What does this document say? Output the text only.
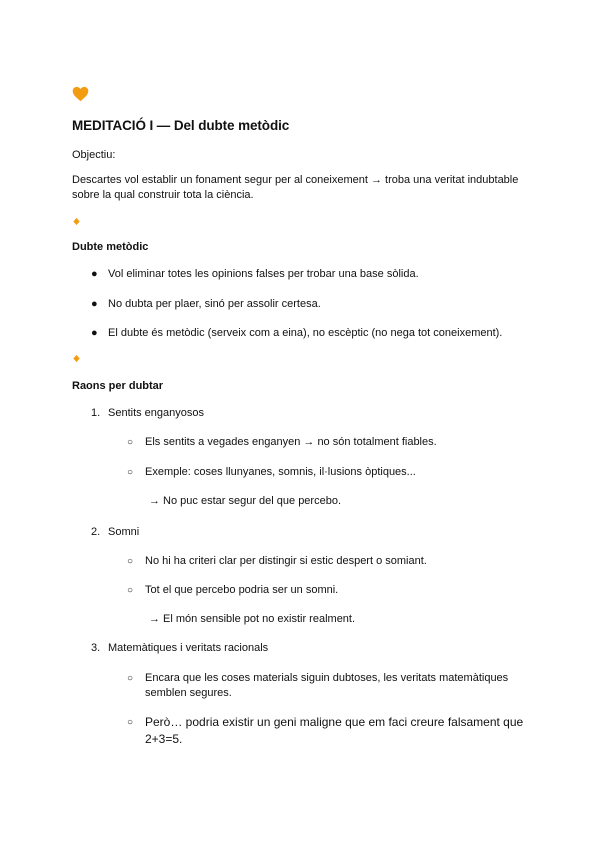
MEDITACIÓ I — Del dubte metòdic
Objectiu:
Descartes vol establir un fonament segur per al coneixement → troba una veritat indubtable sobre la qual construir tota la ciència.
Dubte metòdic
● Vol eliminar totes les opinions falses per trobar una base sòlida.
● No dubta per plaer, sinó per assolir certesa.
● El dubte és metòdic (serveix com a eina), no escèptic (no nega tot coneixement).
Raons per dubtar
1. Sentits enganyosos
○ Els sentits a vegades enganyen → no són totalment fiables.
○ Exemple: coses llunyanes, somnis, il·lusions òptiques...
→ No puc estar segur del que percebo.
2. Somni
○ No hi ha criteri clar per distingir si estic despert o somiant.
○ Tot el que percebo podria ser un somni.
→ El món sensible pot no existir realment.
3. Matemàtiques i veritats racionals
○ Encara que les coses materials siguin dubtoses, les veritats matemàtiques semblen segures.
○ Però… podria existir un geni maligne que em faci creure falsament que 2+3=5.
